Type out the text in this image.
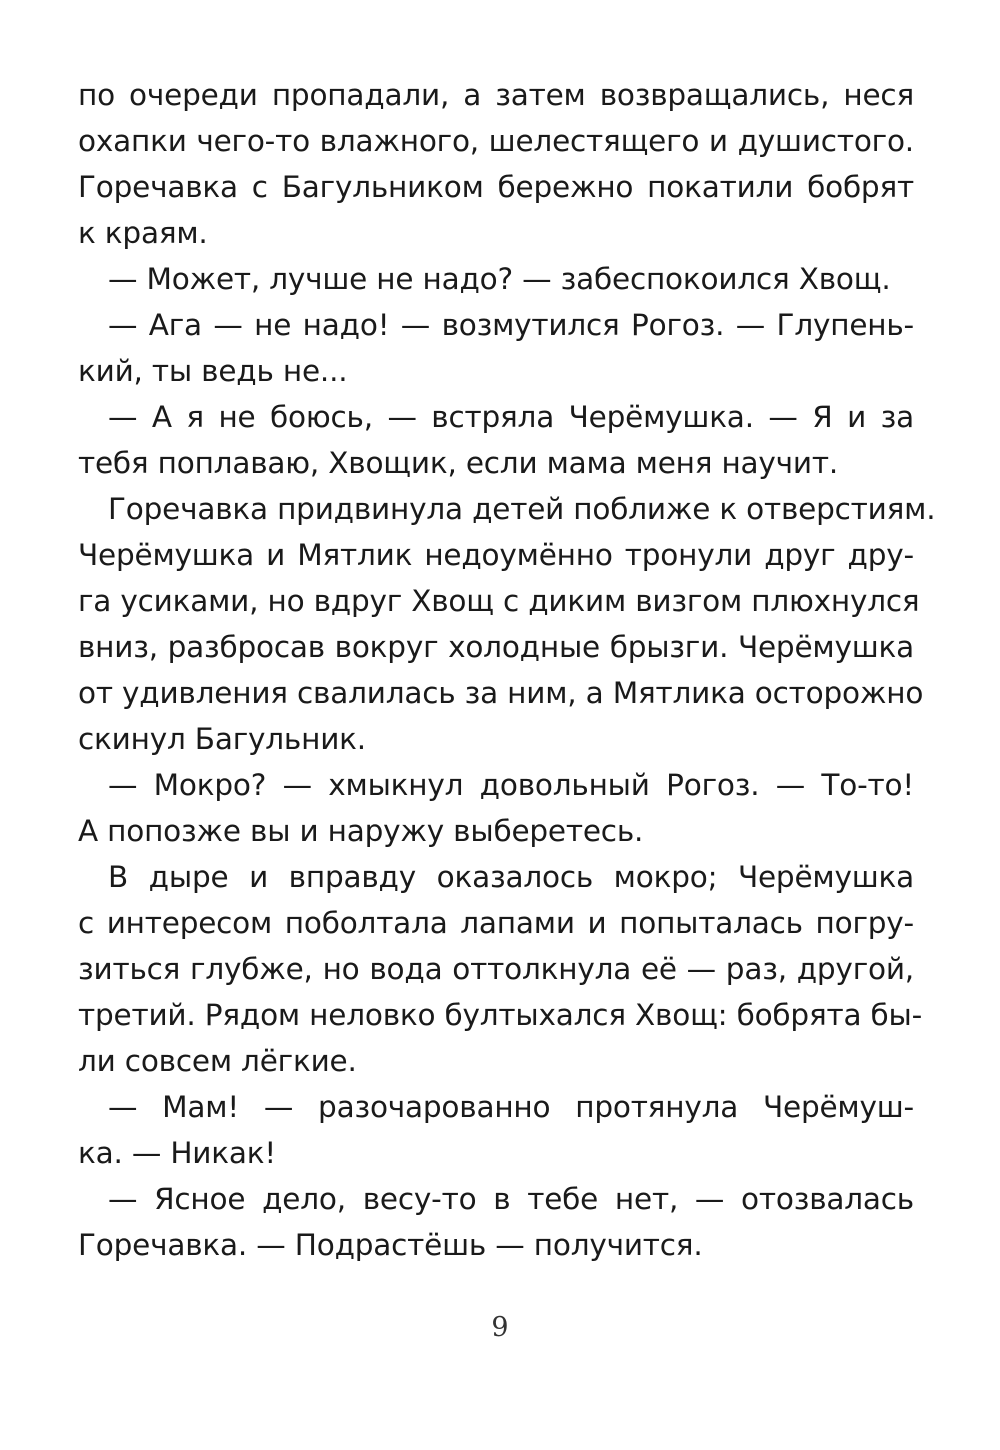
по очереди пропадали, а затем возвращались, неся
охапки чего-то влажного, шелестящего и душистого.
Горечавка с Багульником бережно покатили бобрят
к краям.
— Может, лучше не надо? — забеспокоился Хвощ.
— Ага — не надо! — возмутился Рогоз. — Глупень-
кий, ты ведь не...
— А я не боюсь, — встряла Черёмушка. — Я и за
тебя поплаваю, Хвощик, если мама меня научит.
Горечавка придвинула детей поближе к отверстиям.
Черёмушка и Мятлик недоумённо тронули друг дру-
га усиками, но вдруг Хвощ с диким визгом плюхнулся
вниз, разбросав вокруг холодные брызги. Черёмушка
от удивления свалилась за ним, а Мятлика осторожно
скинул Багульник.
— Мокро? — хмыкнул довольный Рогоз. — То-то!
А попозже вы и наружу выберетесь.
В дыре и вправду оказалось мокро; Черёмушка
с интересом поболтала лапами и попыталась погру-
зиться глубже, но вода оттолкнула её — раз, другой,
третий. Рядом неловко бултыхался Хвощ: бобрята бы-
ли совсем лёгкие.
— Мам! — разочарованно протянула Черёмуш-
ка. — Никак!
— Ясное дело, весу-то в тебе нет, — отозвалась
Горечавка. — Подрастёшь — получится.
9
